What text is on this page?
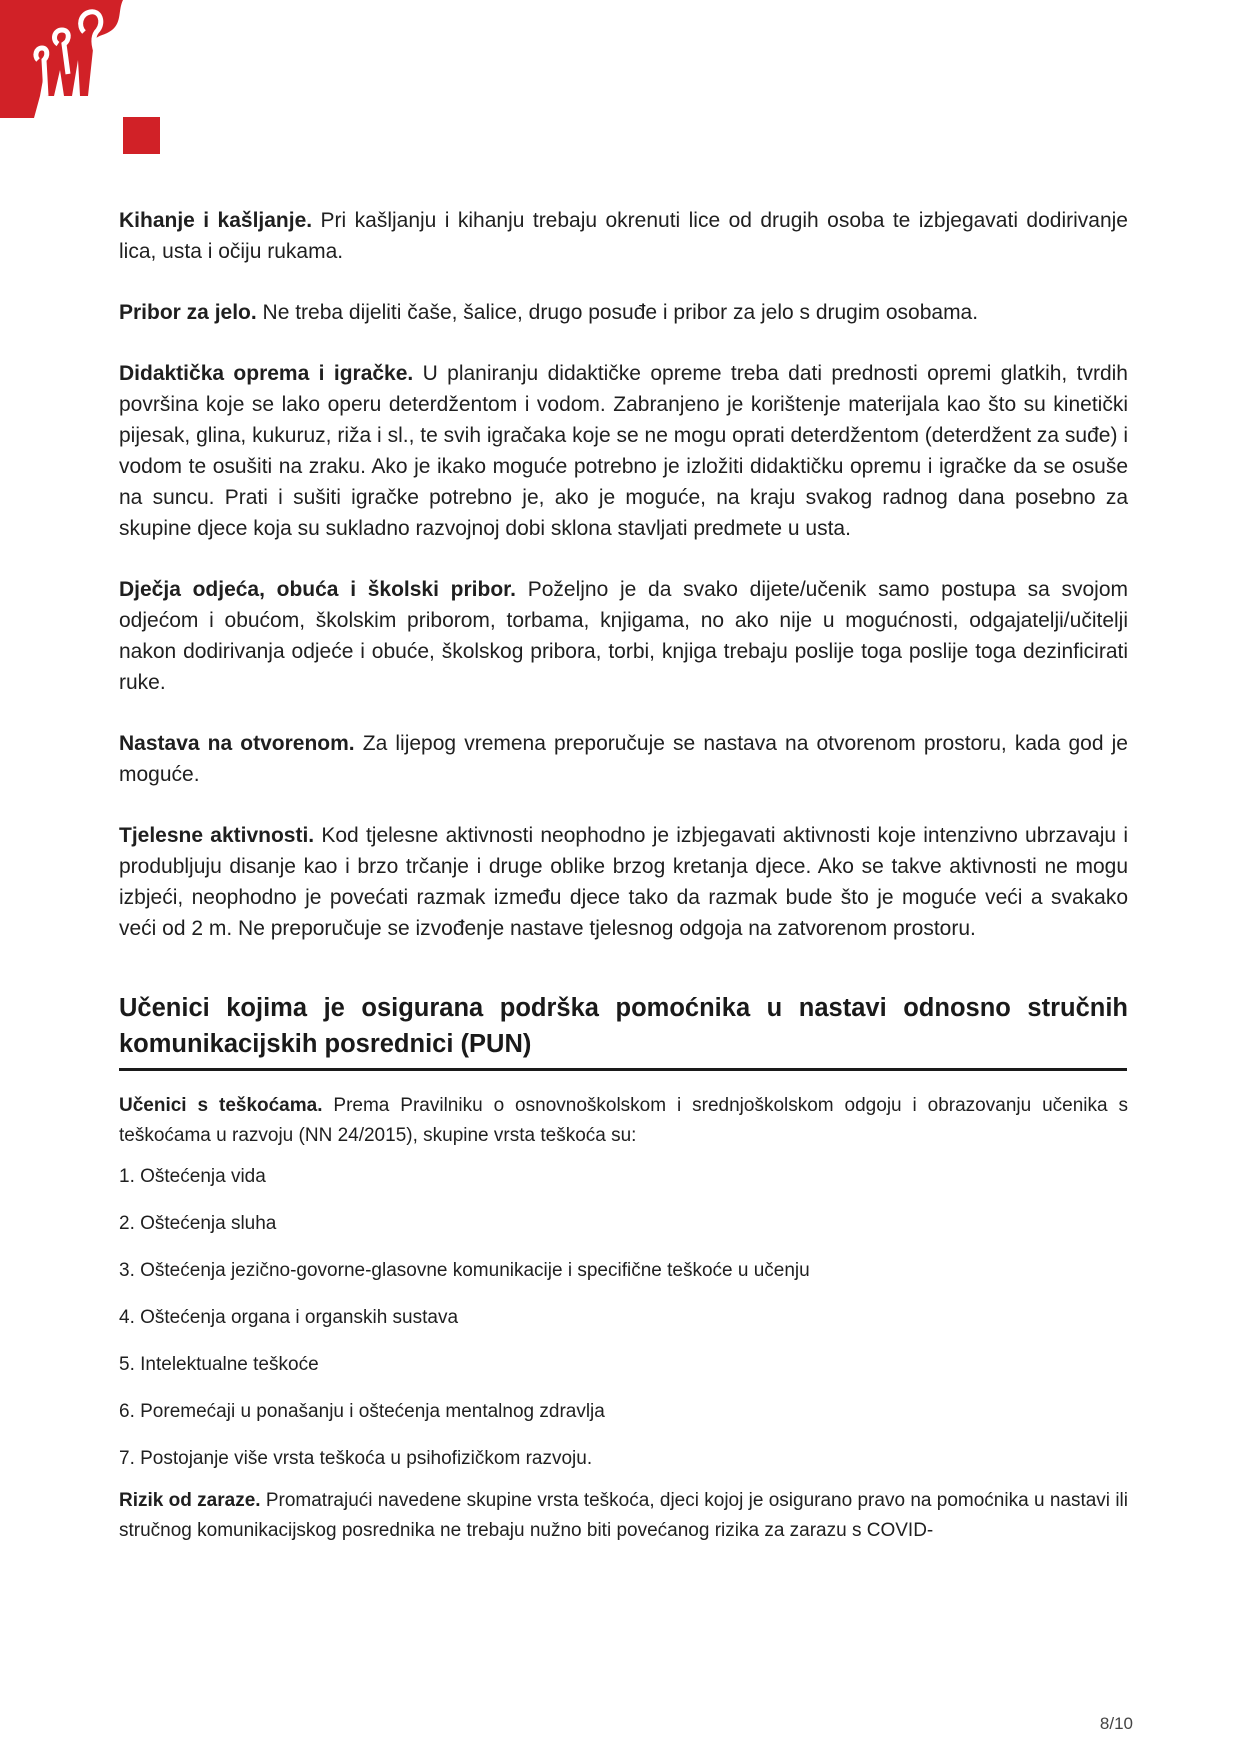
Kihanje i kašljanje. Pri kašljanju i kihanju trebaju okrenuti lice od drugih osoba te izbjegavati dodirivanje lica, usta i očiju rukama.

Pribor za jelo. Ne treba dijeliti čaše, šalice, drugo posuđe i pribor za jelo s drugim osobama.

Didaktička oprema i igračke. U planiranju didaktičke opreme treba dati prednosti opremi glatkih, tvrdih površina koje se lako operu deterdžentom i vodom. Zabranjeno je korištenje materijala kao što su kinetički pijesak, glina, kukuruz, riža i sl., te svih igračaka koje se ne mogu oprati deterdžentom (deterdžent za suđe) i vodom te osušiti na zraku. Ako je ikako moguće potrebno je izložiti didaktičku opremu i igračke da se osuše na suncu. Prati i sušiti igračke potrebno je, ako je moguće, na kraju svakog radnog dana posebno za skupine djece koja su sukladno razvojnoj dobi sklona stavljati predmete u usta.

Dječja odjeća, obuća i školski pribor. Poželjno je da svako dijete/učenik samo postupa sa svojom odjećom i obućom, školskim priborom, torbama, knjigama, no ako nije u mogućnosti, odgajatelji/učitelji nakon dodirivanja odjeće i obuće, školskog pribora, torbi, knjiga trebaju poslije toga poslije toga dezinficirati ruke.

Nastava na otvorenom. Za lijepog vremena preporučuje se nastava na otvorenom prostoru, kada god je moguće.

Tjelesne aktivnosti. Kod tjelesne aktivnosti neophodno je izbjegavati aktivnosti koje intenzivno ubrzavaju i produbljuju disanje kao i brzo trčanje i druge oblike brzog kretanja djece. Ako se takve aktivnosti ne mogu izbjeći, neophodno je povećati razmak između djece tako da razmak bude što je moguće veći a svakako veći od 2 m. Ne preporučuje se izvođenje nastave tjelesnog odgoja na zatvorenom prostoru.

Učenici kojima je osigurana podrška pomoćnika u nastavi odnosno stručnih komunikacijskih posrednici (PUN)

Učenici s teškoćama. Prema Pravilniku o osnovnoškolskom i srednjoškolskom odgoju i obrazovanju učenika s teškoćama u razvoju (NN 24/2015), skupine vrsta teškoća su:

1. Oštećenja vida
2. Oštećenja sluha
3. Oštećenja jezično-govorne-glasovne komunikacije i specifične teškoće u učenju
4. Oštećenja organa i organskih sustava
5. Intelektualne teškoće
6. Poremećaji u ponašanju i oštećenja mentalnog zdravlja
7. Postojanje više vrsta teškoća u psihofizičkom razvoju.

Rizik od zaraze. Promatrajući navedene skupine vrsta teškoća, djeci kojoj je osigurano pravo na pomoćnika u nastavi ili stručnog komunikacijskog posrednika ne trebaju nužno biti povećanog rizika za zarazu s COVID-

8/10
